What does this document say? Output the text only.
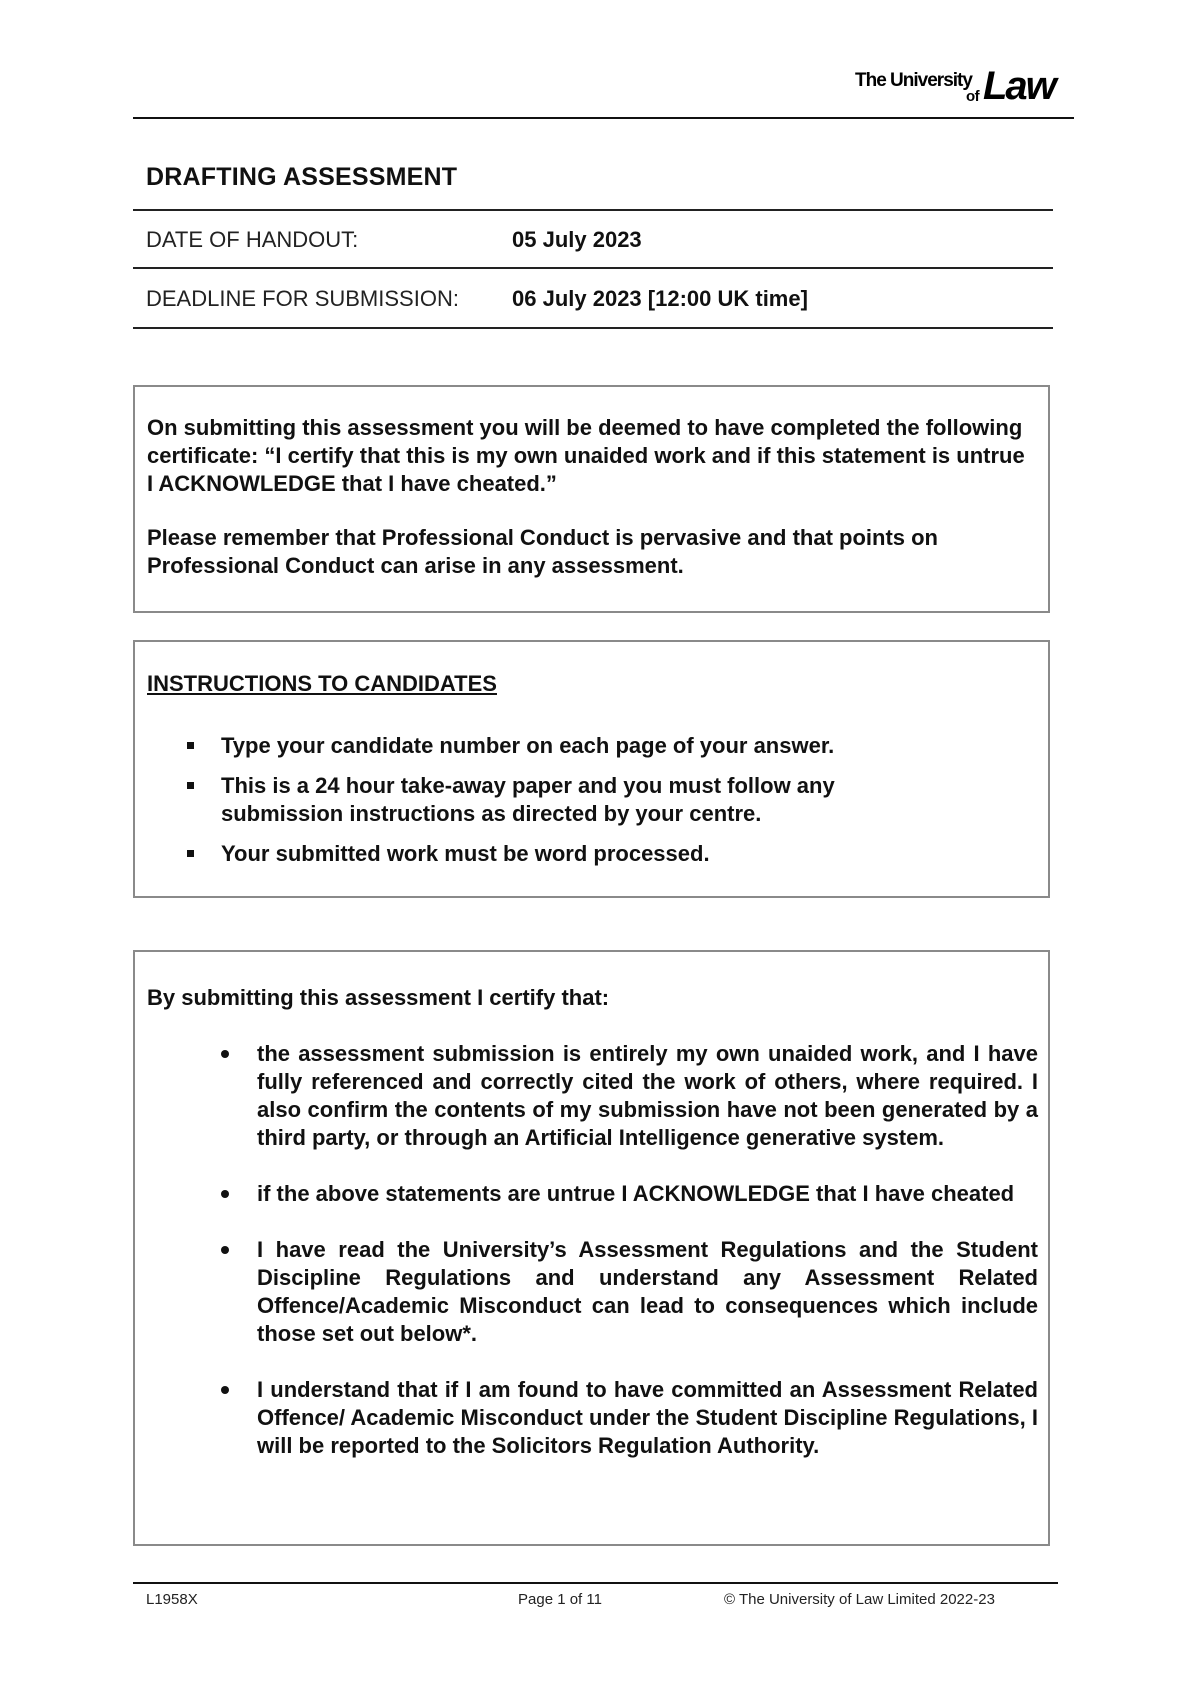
The University
of Law
DRAFTING ASSESSMENT
DATE OF HANDOUT:	05 July 2023
DEADLINE FOR SUBMISSION: 06 July 2023 [12:00 UK time]

On submitting this assessment you will be deemed to have completed the following certificate: “I certify that this is my own unaided work and if this statement is untrue I ACKNOWLEDGE that I have cheated.”

Please remember that Professional Conduct is pervasive and that points on Professional Conduct can arise in any assessment.

INSTRUCTIONS TO CANDIDATES
Type your candidate number on each page of your answer.
This is a 24 hour take-away paper and you must follow any submission instructions as directed by your centre.
Your submitted work must be word processed.

By submitting this assessment I certify that:

the assessment submission is entirely my own unaided work, and I have fully referenced and correctly cited the work of others, where required. I also confirm the contents of my submission have not been generated by a third party, or through an Artificial Intelligence generative system.
if the above statements are untrue I ACKNOWLEDGE that I have cheated
I have read the University’s Assessment Regulations and the Student Discipline Regulations and understand any Assessment Related Offence/Academic Misconduct can lead to consequences which include those set out below*.
I understand that if I am found to have committed an Assessment Related Offence/ Academic Misconduct under the Student Discipline Regulations, I will be reported to the Solicitors Regulation Authority.
L1958X	Page 1 of 11	© The University of Law Limited 2022-23
